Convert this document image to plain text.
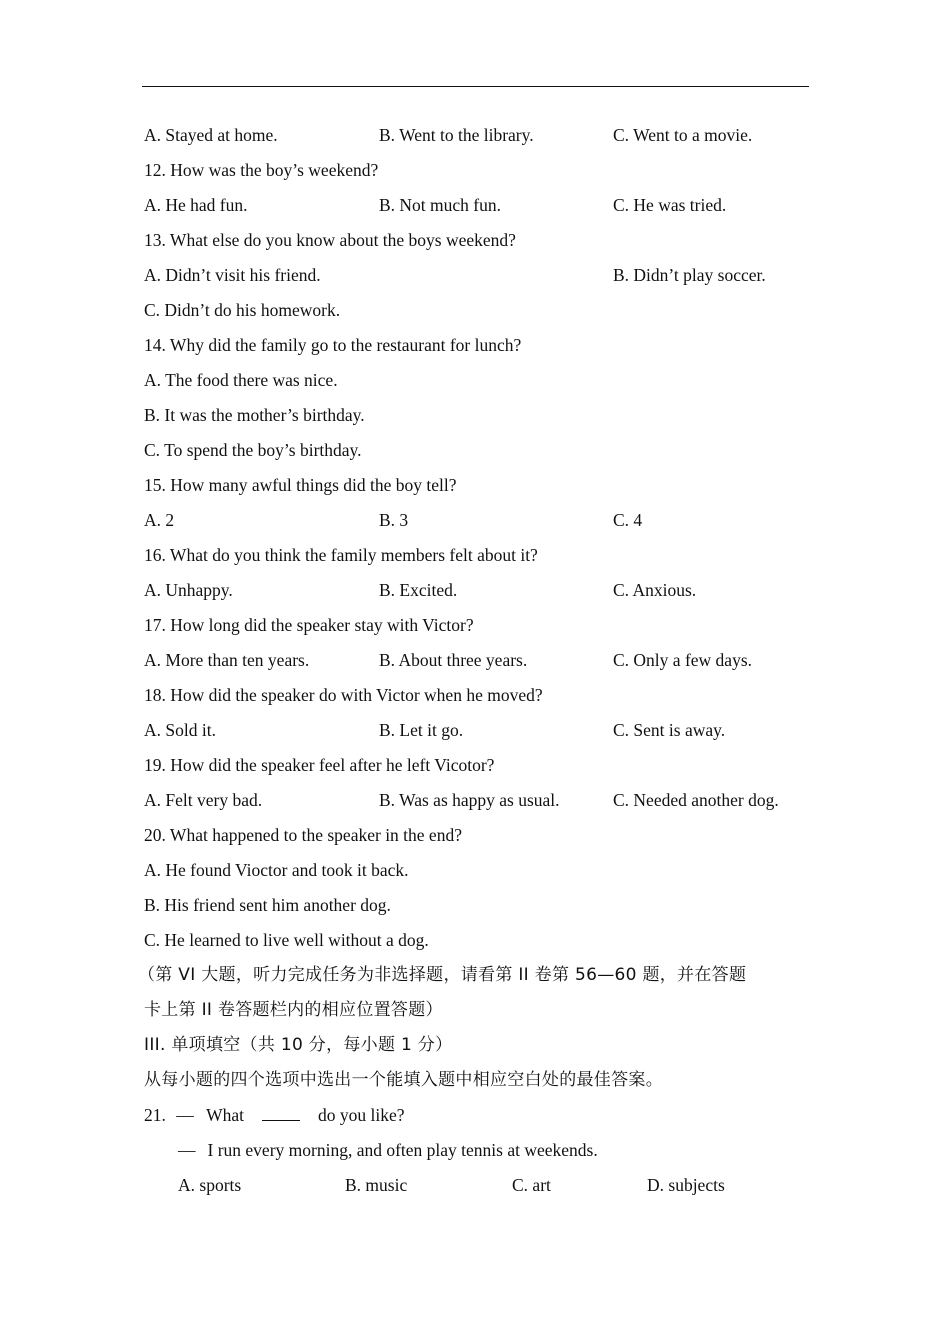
A. Stayed at home.	B. Went to the library.	C. Went to a movie.
12. How was the boy’s weekend?
A. He had fun.	B. Not much fun.	C. He was tried.
13. What else do you know about the boys weekend?
A. Didn’t visit his friend.	B. Didn’t play soccer.
C. Didn’t do his homework.
14. Why did the family go to the restaurant for lunch?
A. The food there was nice.
B. It was the mother’s birthday.
C. To spend the boy’s birthday.
15. How many awful things did the boy tell?
A. 2	B. 3	C. 4
16. What do you think the family members felt about it?
A. Unhappy.	B. Excited.	C. Anxious.
17. How long did the speaker stay with Victor?
A. More than ten years.	B. About three years.	C. Only a few days.
18. How did the speaker do with Victor when he moved?
A. Sold it.	B. Let it go.	C. Sent is away.
19. How did the speaker feel after he left Vicotor?
A. Felt very bad.	B. Was as happy as usual.	C. Needed another dog.
20. What happened to the speaker in the end?
A. He found Vioctor and took it back.
B. His friend sent him another dog.
C. He learned to live well without a dog.
（第 VI 大题，听力完成任务为非选择题，请看第 II 卷第 56—60 题，并在答题
卡上第 II 卷答题栏内的相应位置答题）
III. 单项填空（共 10 分，每小题 1 分）
从每小题的四个选项中选出一个能填入题中相应空白处的最佳答案。
21. — What	do you like?
— I run every morning, and often play tennis at weekends.
A. sports	B. music	C. art	D. subjects
